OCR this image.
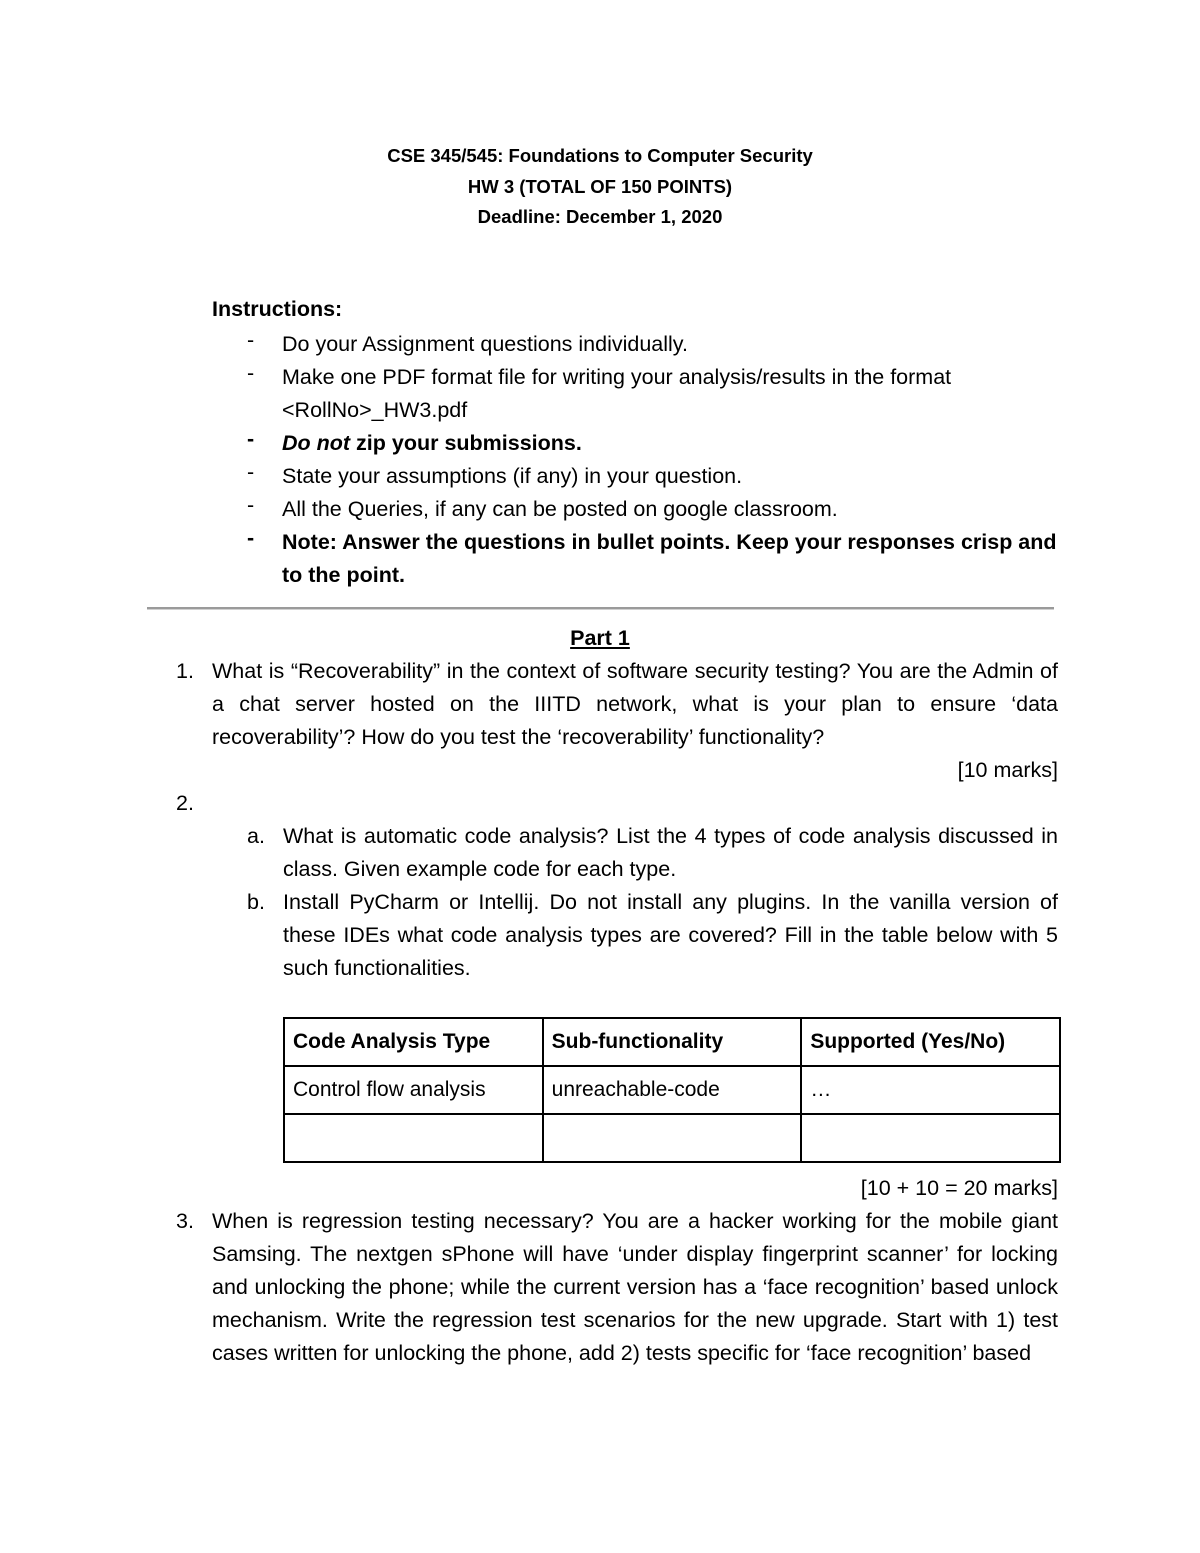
CSE 345/545: Foundations to Computer Security
HW 3 (TOTAL OF 150 POINTS)
Deadline: December 1, 2020
Instructions:
- Do your Assignment questions individually.
- Make one PDF format file for writing your analysis/results in the format <RollNo>_HW3.pdf
- Do not zip your submissions.
- State your assumptions (if any) in your question.
- All the Queries, if any can be posted on google classroom.
- Note: Answer the questions in bullet points. Keep your responses crisp and to the point.
Part 1
1. What is “Recoverability” in the context of software security testing? You are the Admin of a chat server hosted on the IIITD network, what is your plan to ensure ‘data recoverability’? How do you test the ‘recoverability’ functionality?
[10 marks]
2.
a. What is automatic code analysis? List the 4 types of code analysis discussed in class. Given example code for each type.
b. Install PyCharm or Intellij. Do not install any plugins. In the vanilla version of these IDEs what code analysis types are covered? Fill in the table below with 5 such functionalities.
Code Analysis Type	Sub-functionality	Supported (Yes/No)
Control flow analysis	unreachable-code	…

[10 + 10 = 20 marks]
3. When is regression testing necessary? You are a hacker working for the mobile giant Samsing. The nextgen sPhone will have ‘under display fingerprint scanner’ for locking and unlocking the phone; while the current version has a ‘face recognition’ based unlock mechanism. Write the regression test scenarios for the new upgrade. Start with 1) test cases written for unlocking the phone, add 2) tests specific for ‘face recognition’ based
